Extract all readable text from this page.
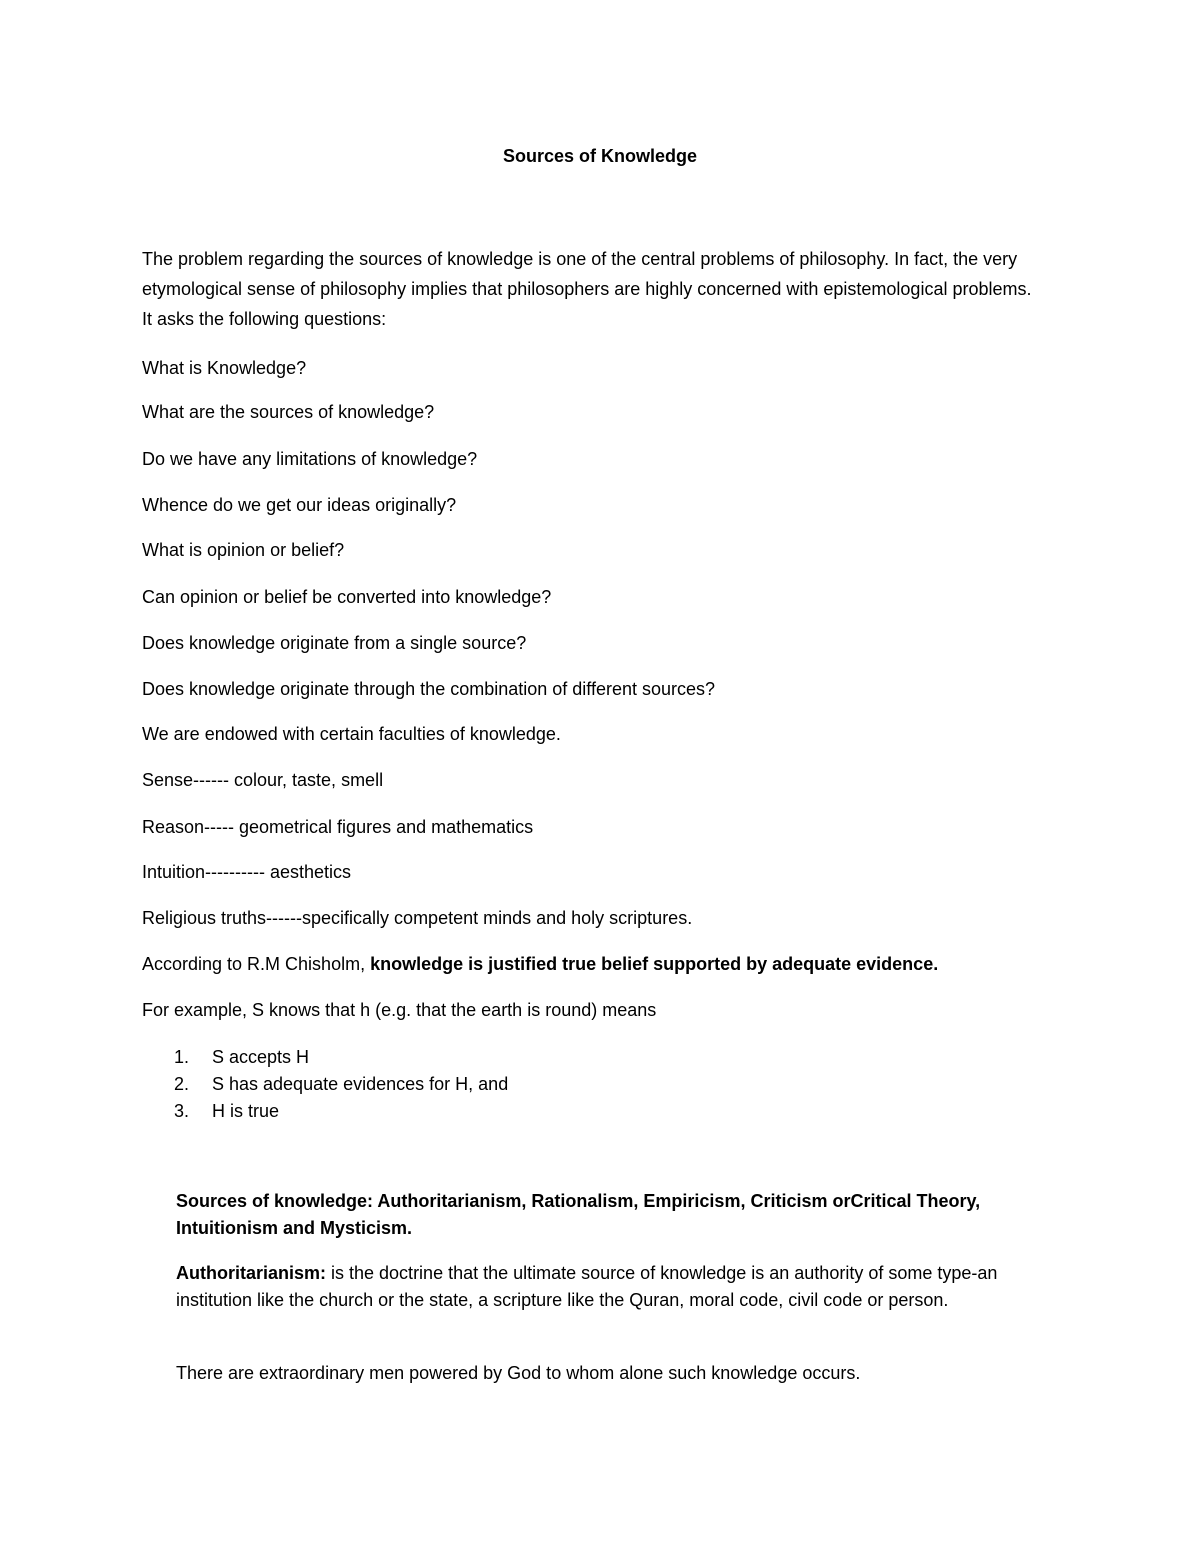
Sources of Knowledge

The problem regarding the sources of knowledge is one of the central problems of philosophy. In fact, the very etymological sense of philosophy implies that philosophers are highly concerned with epistemological problems. It asks the following questions:

What is Knowledge?

What are the sources of knowledge?

Do we have any limitations of knowledge?

Whence do we get our ideas originally?

What is opinion or belief?

Can opinion or belief be converted into knowledge?

Does knowledge originate from a single source?

Does knowledge originate through the combination of different sources?

We are endowed with certain faculties of knowledge.

Sense------ colour, taste, smell

Reason----- geometrical figures and mathematics

Intuition---------- aesthetics

Religious truths------specifically competent minds and holy scriptures.

According to R.M Chisholm, knowledge is justified true belief supported by adequate evidence.

For example, S knows that h (e.g. that the earth is round) means

1. S accepts H
2. S has adequate evidences for H, and
3. H is true

Sources of knowledge: Authoritarianism, Rationalism, Empiricism, Criticism orCritical Theory, Intuitionism and Mysticism.

Authoritarianism: is the doctrine that the ultimate source of knowledge is an authority of some type-an institution like the church or the state, a scripture like the Quran, moral code, civil code or person.

There are extraordinary men powered by God to whom alone such knowledge occurs.
